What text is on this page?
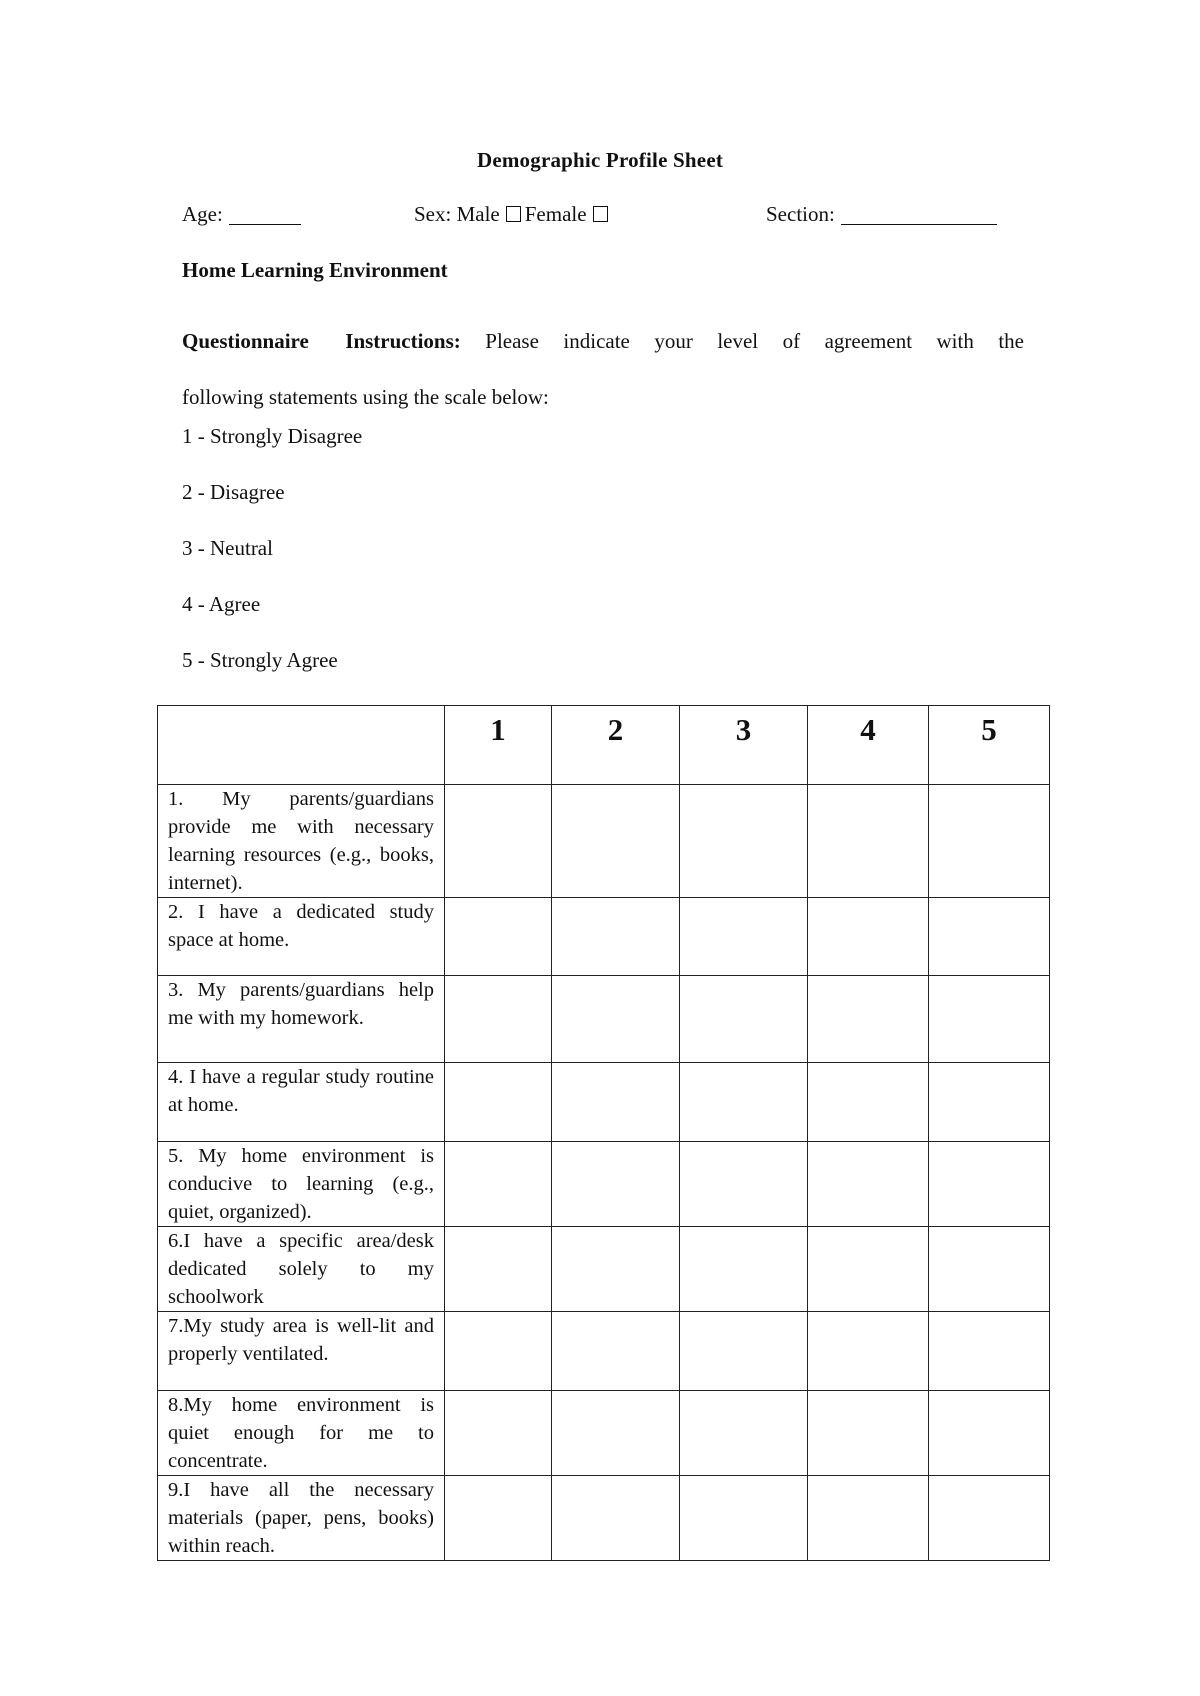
Demographic Profile Sheet
Age:	Sex: Male Female	Section:
Home Learning Environment
Questionnaire Instructions: Please indicate your level of agreement with the
following statements using the scale below:
1 - Strongly Disagree
2 - Disagree
3 - Neutral
4 - Agree
5 - Strongly Agree
	1	2	3	4	5
1. My parents/guardians provide me with necessary learning resources (e.g., books, internet).					
2. I have a dedicated study space at home.					
3. My parents/guardians help me with my homework.					
4. I have a regular study routine at home.					
5. My home environment is conducive to learning (e.g., quiet, organized).					
6.I have a specific area/desk dedicated solely to my schoolwork					
7.My study area is well-lit and properly ventilated.					
8.My home environment is quiet enough for me to concentrate.					
9.I have all the necessary materials (paper, pens, books) within reach.					
